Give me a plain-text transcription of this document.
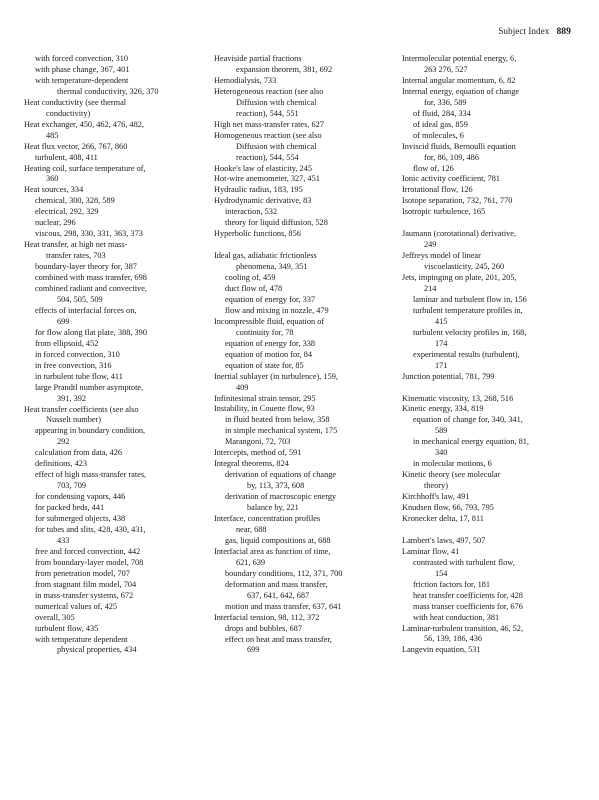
Subject Index 889
with forced convection, 310
with phase change, 367, 401
with temperature-dependent
thermal conductivity, 326, 370
Heat conductivity (see thermal
conductivity)
Heat exchanger, 450, 462, 476, 482,
485
Heat flux vector, 266, 767, 860
turbulent, 408, 411
Heating coil, surface temperature of,
360
Heat sources, 334
chemical, 300, 328, 589
electrical, 292, 329
nuclear, 296
viscous, 298, 330, 331, 363, 373
Heat transfer, at high net mass-
transfer rates, 703
boundary-layer theory for, 387
combined with mass transfer, 698
combined radiant and convective,
504, 505, 509
effects of interfacial forces on,
699
for flow along flat plate, 388, 390
from ellipsoid, 452
in forced convection, 310
in free convection, 316
in turbulent tube flow, 411
large Prandtl number asymptote,
391, 392
Heat transfer coefficients (see also
Nusselt number)
appearing in boundary condition,
292
calculation from data, 426
definitions, 423
effect of high mass-transfer rates,
703, 709
for condensing vapors, 446
for packed beds, 441
for submerged objects, 438
for tubes and slits, 428, 430, 431,
433
free and forced convection, 442
from boundary-layer model, 708
from penetration model, 707
from stagnant film model, 704
in mass-transfer systems, 672
numerical values of, 425
overall, 305
turbulent flow, 435
with temperature dependent
physical properties, 434
Heaviside partial fractions
expansion theorem, 381, 692
Hemodialysis, 733
Heterogeneous reaction (see also
Diffusion with chemical
reaction), 544, 551
High net mass-transfer rates, 627
Homogeneous reaction (see also
Diffusion with chemical
reaction), 544, 554
Hooke's law of elasticity, 245
Hot-wire anemometer, 327, 451
Hydraulic radius, 183, 195
Hydrodynamic derivative, 83
interaction, 532
theory for liquid diffusion, 528
Hyperbolic functions, 856
Ideal gas, adiabatic frictionless
phenomena, 349, 351
cooling of, 459
duct flow of, 478
equation of energy for, 337
flow and mixing in nozzle, 479
Incompressible fluid, equation of
continuity for, 78
equation of energy for, 338
equation of motion for, 84
equation of state for, 85
Inertial sublayer (in turbulence), 159,
409
Infinitesimal strain tensor, 295
Instability, in Couette flow, 93
in fluid heated from below, 358
in simple mechanical system, 175
Marangoni, 72, 703
Intercepts, method of, 591
Integral theorems, 824
derivation of equations of change
by, 113, 373, 608
derivation of macroscopic energy
balance by, 221
Interface, concentration profiles
near, 688
gas, liquid compositions at, 688
Interfacial area as function of time,
621, 639
boundary conditions, 112, 371, 700
deformation and mass transfer,
637, 641, 642, 687
motion and mass transfer, 637, 641
Interfacial tension, 98, 112, 372
drops and bubbles, 687
effect on heat and mass transfer,
699
Intermolecular potential energy, 6,
263 276, 527
Internal angular momentum, 6, 82
Internal energy, equation of change
for, 336, 589
of fluid, 284, 334
of ideal gas, 859
of molecules, 6
Inviscid fluids, Bernoulli equation
for, 86, 109, 486
flow of, 126
Ionic activity coefficient, 781
Irrotational flow, 126
Isotope separation, 732, 761, 770
Isotropic turbulence, 165
Jaumann (corotational) derivative,
249
Jeffreys model of linear
viscoelasticity, 245, 260
Jets, impinging on plate, 201, 205,
214
laminar and turbulent flow in, 156
turbulent temperature profiles in,
415
turbulent velocity profiles in, 168,
174
experimental results (turbulent),
171
Junction potential, 781, 799
Kinematic viscosity, 13, 268, 516
Kinetic energy, 334, 819
equation of change for, 340, 341,
589
in mechanical energy equation, 81,
340
in molecular motions, 6
Kinetic theory (see molecular
theory)
Kirchhoff's law, 491
Knudsen flow, 66, 793, 795
Kronecker delta, 17, 811
Lambert's laws, 497, 507
Laminar flow, 41
contrasted with turbulent flow,
154
friction factors for, 181
heat transfer coefficients for, 428
mass transer coefficients for, 676
with heat conduction, 381
Laminar-turbulent transition, 46, 52,
56, 139, 186, 436
Langevin equation, 531
